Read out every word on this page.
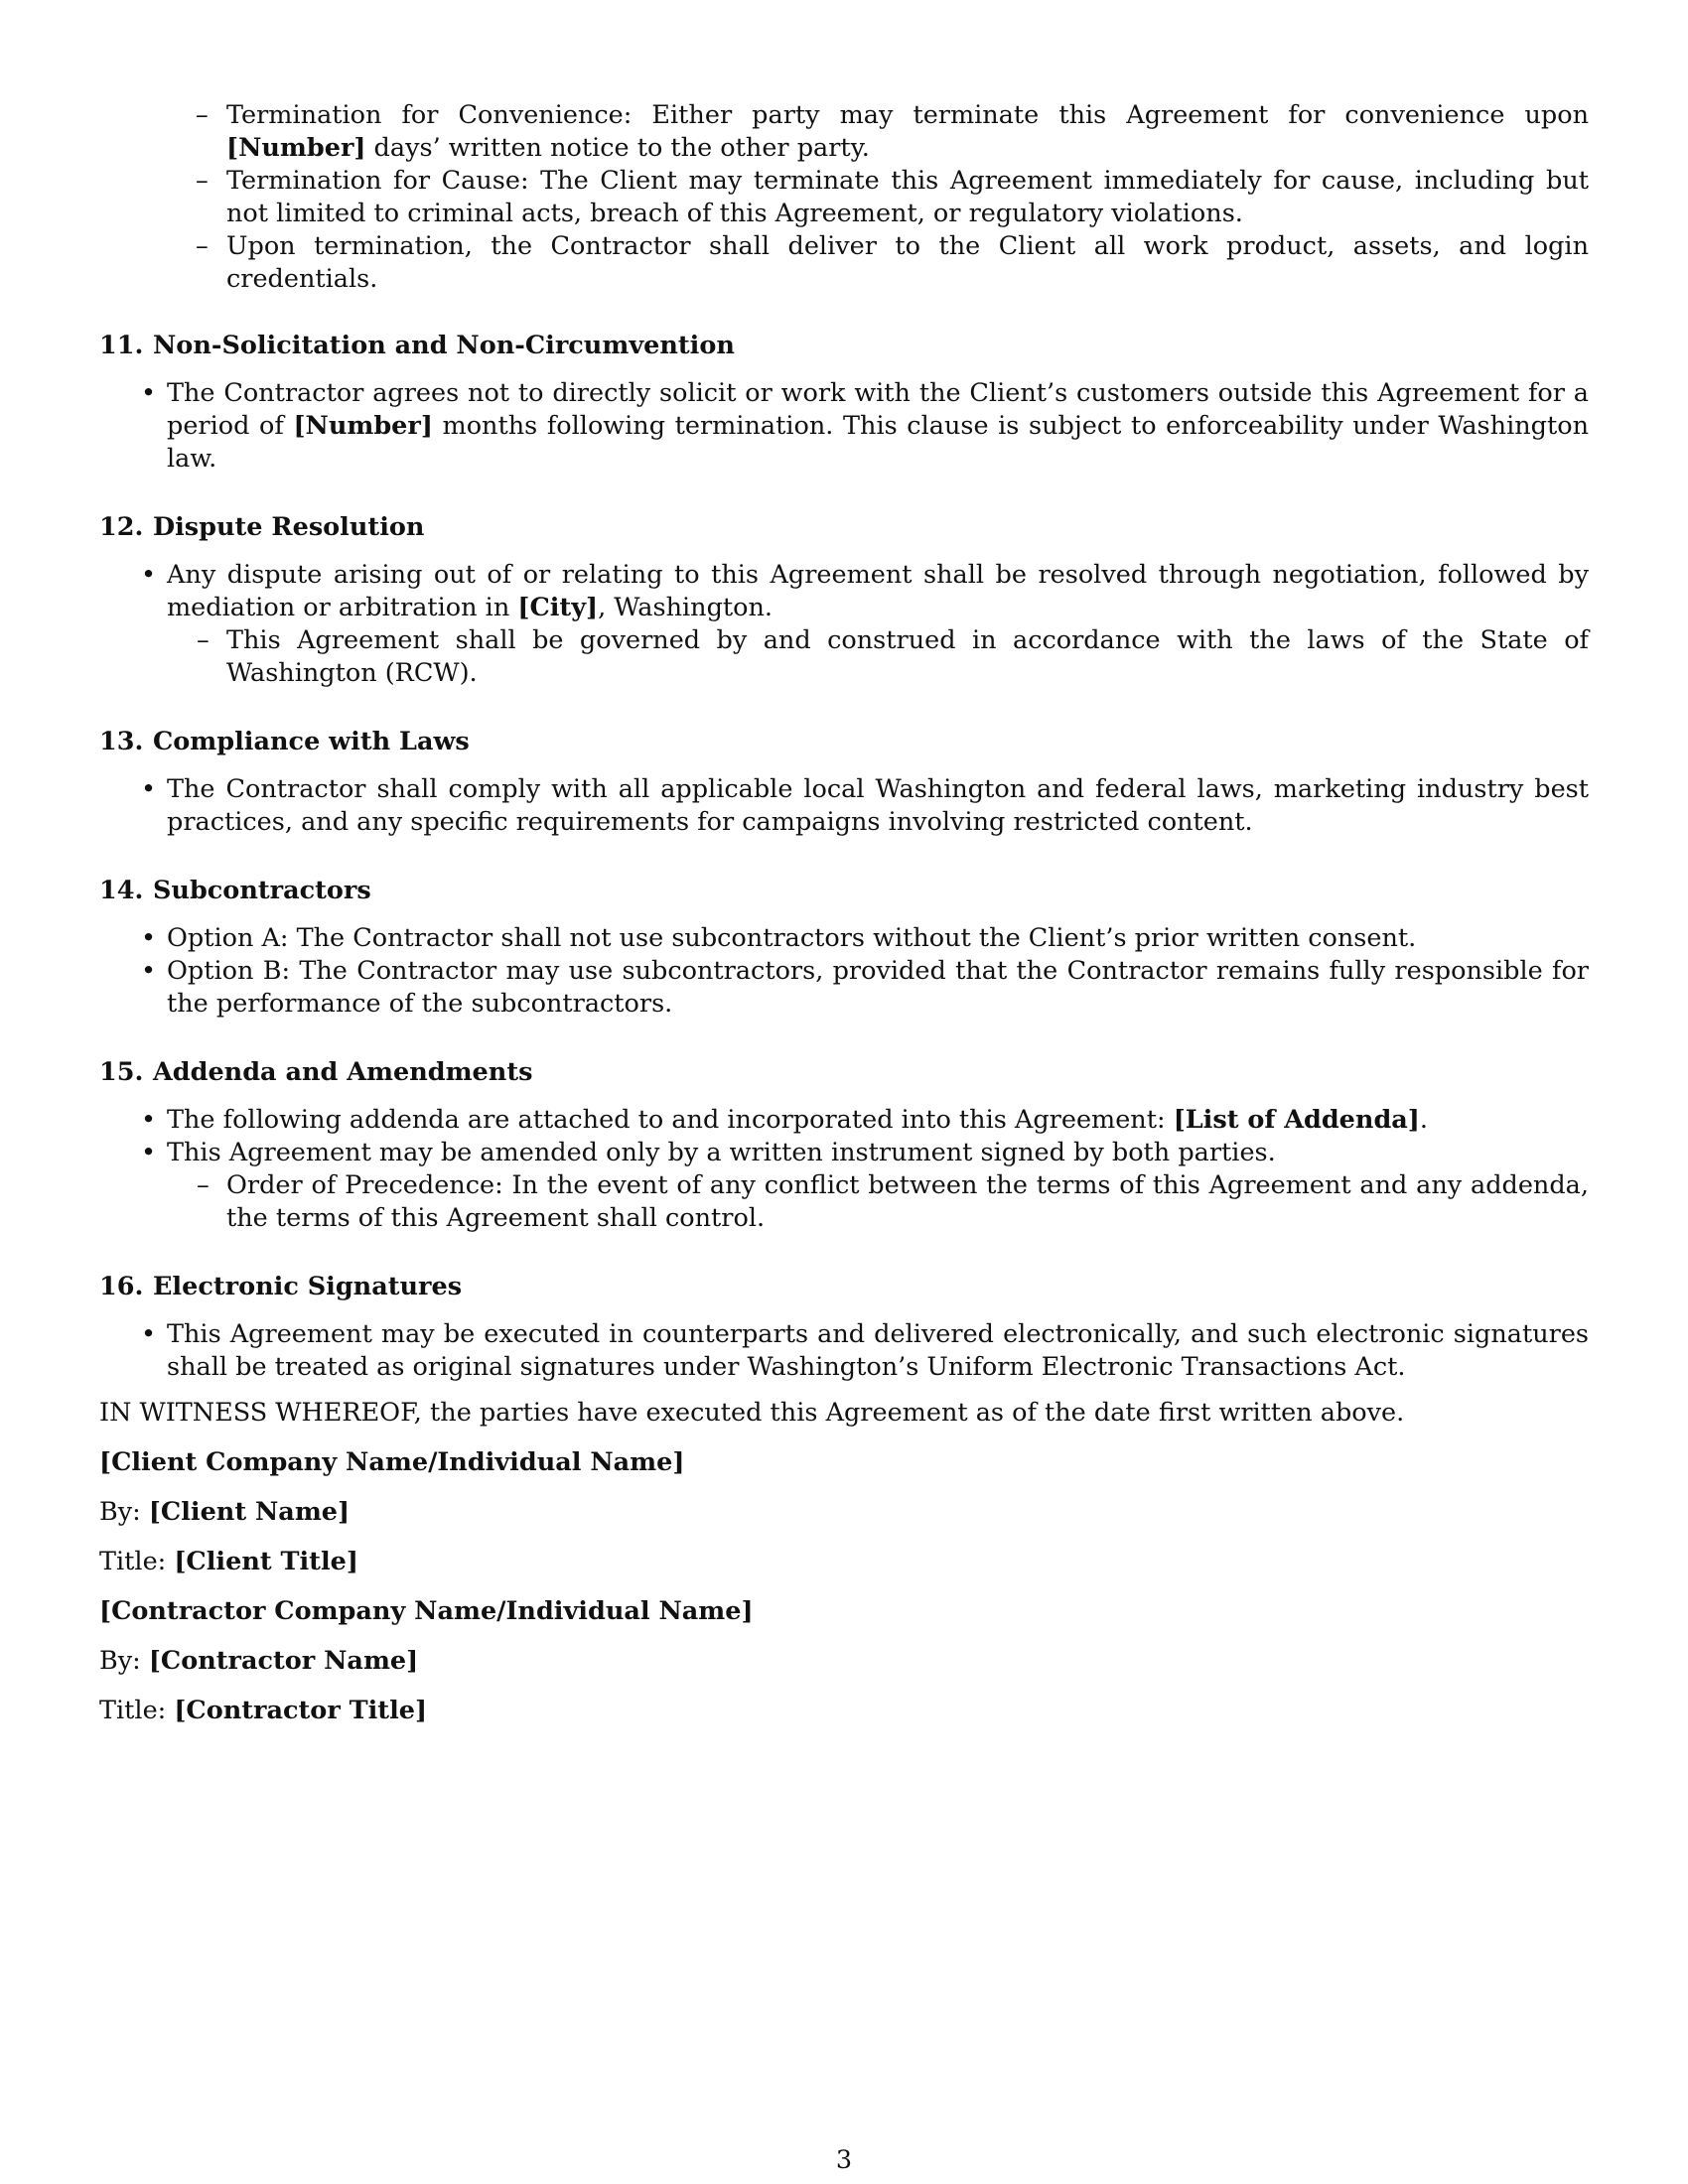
– Termination for Convenience: Either party may terminate this Agreement for convenience upon [Number] days’ written notice to the other party.
– Termination for Cause: The Client may terminate this Agreement immediately for cause, including but not limited to criminal acts, breach of this Agreement, or regulatory violations.
– Upon termination, the Contractor shall deliver to the Client all work product, assets, and login credentials.
11. Non-Solicitation and Non-Circumvention
• The Contractor agrees not to directly solicit or work with the Client’s customers outside this Agreement for a period of [Number] months following termination. This clause is subject to enforceability under Washington law.
12. Dispute Resolution
• Any dispute arising out of or relating to this Agreement shall be resolved through negotiation, followed by mediation or arbitration in [City], Washington.
– This Agreement shall be governed by and construed in accordance with the laws of the State of Washington (RCW).
13. Compliance with Laws
• The Contractor shall comply with all applicable local Washington and federal laws, marketing industry best practices, and any specific requirements for campaigns involving restricted content.
14. Subcontractors
• Option A: The Contractor shall not use subcontractors without the Client’s prior written consent.
• Option B: The Contractor may use subcontractors, provided that the Contractor remains fully responsible for the performance of the subcontractors.
15. Addenda and Amendments
• The following addenda are attached to and incorporated into this Agreement: [List of Addenda].
• This Agreement may be amended only by a written instrument signed by both parties.
– Order of Precedence: In the event of any conflict between the terms of this Agreement and any addenda, the terms of this Agreement shall control.
16. Electronic Signatures
• This Agreement may be executed in counterparts and delivered electronically, and such electronic signatures shall be treated as original signatures under Washington’s Uniform Electronic Transactions Act.

IN WITNESS WHEREOF, the parties have executed this Agreement as of the date first written above.

[Client Company Name/Individual Name]

By: [Client Name]

Title: [Client Title]

[Contractor Company Name/Individual Name]

By: [Contractor Name]

Title: [Contractor Title]

3
